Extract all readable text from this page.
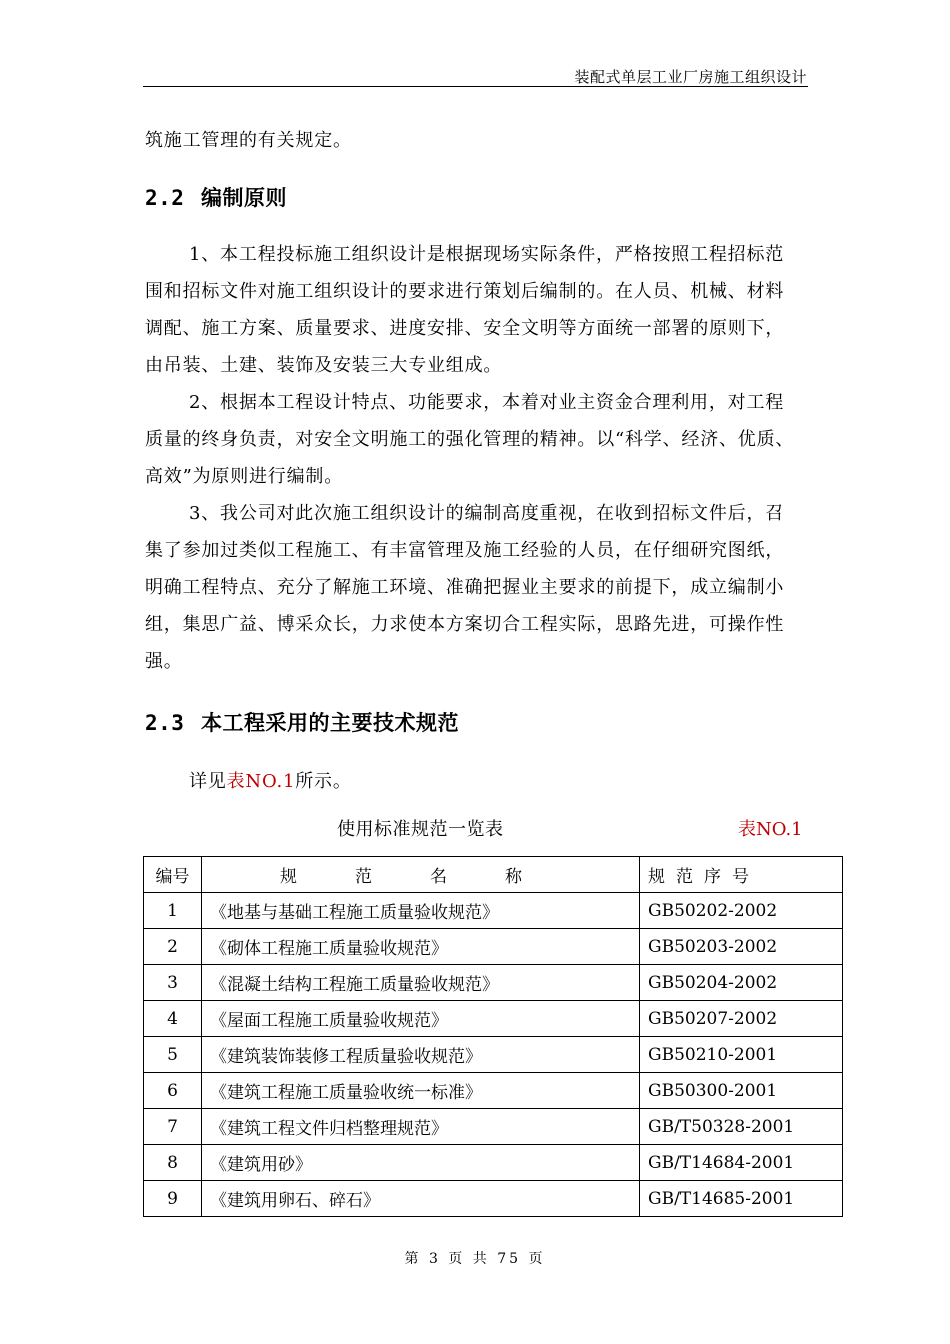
装配式单层工业厂房施工组织设计
筑施工管理的有关规定。
2.2 编制原则
1、本工程投标施工组织设计是根据现场实际条件，严格按照工程招标范
围和招标文件对施工组织设计的要求进行策划后编制的。在人员、机械、材料
调配、施工方案、质量要求、进度安排、安全文明等方面统一部署的原则下，
由吊装、土建、装饰及安装三大专业组成。
2、根据本工程设计特点、功能要求，本着对业主资金合理利用，对工程
质量的终身负责，对安全文明施工的强化管理的精神。以“科学、经济、优质、
高效”为原则进行编制。
3、我公司对此次施工组织设计的编制高度重视，在收到招标文件后，召
集了参加过类似工程施工、有丰富管理及施工经验的人员，在仔细研究图纸，
明确工程特点、充分了解施工环境、准确把握业主要求的前提下，成立编制小
组，集思广益、博采众长，力求使本方案切合工程实际，思路先进，可操作性
强。
2.3 本工程采用的主要技术规范
详见表NO.1所示。
使用标准规范一览表	表NO.1
编号	规范名称	规范序号
1	《地基与基础工程施工质量验收规范》	GB50202-2002
2	《砌体工程施工质量验收规范》	GB50203-2002
3	《混凝土结构工程施工质量验收规范》	GB50204-2002
4	《屋面工程施工质量验收规范》	GB50207-2002
5	《建筑装饰装修工程质量验收规范》	GB50210-2001
6	《建筑工程施工质量验收统一标准》	GB50300-2001
7	《建筑工程文件归档整理规范》	GB/T50328-2001
8	《建筑用砂》	GB/T14684-2001
9	《建筑用卵石、碎石》	GB/T14685-2001
第 3 页 共 75 页
